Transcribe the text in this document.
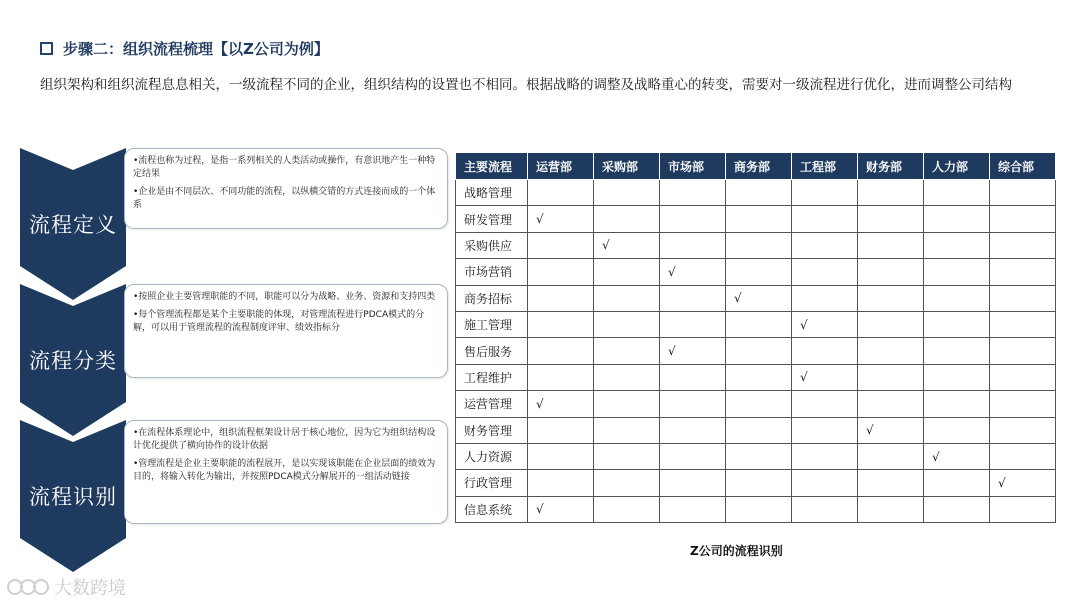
步骤二：组织流程梳理【以Z公司为例】
组织架构和组织流程息息相关，一级流程不同的企业，组织结构的设置也不相同。根据战略的调整及战略重心的转变，需要对一级流程进行优化，进而调整公司结构
流程定义
•流程也称为过程，是指一系列相关的人类活动或操作，有意识地产生一种特定结果
•企业是由不同层次、不同功能的流程，以纵横交错的方式连接而成的一个体系
流程分类
•按照企业主要管理职能的不同，职能可以分为战略、业务、资源和支持四类
•每个管理流程都是某个主要职能的体现，对管理流程进行PDCA模式的分解，可以用于管理流程的流程制度评审、绩效指标分
流程识别
•在流程体系理论中，组织流程框架设计居于核心地位，因为它为组织结构设计优化提供了横向协作的设计依据
•管理流程是企业主要职能的流程展开，是以实现该职能在企业层面的绩效为目的，将输入转化为输出，并按照PDCA模式分解展开的一组活动链接
主要流程	运营部	采购部	市场部	商务部	工程部	财务部	人力部	综合部
战略管理								
研发管理	√							
采购供应		√						
市场营销			√					
商务招标				√				
施工管理					√			
售后服务			√					
工程维护					√			
运营管理	√							
财务管理						√		
人力资源							√	
行政管理								√
信息系统	√							
Z公司的流程识别
大数跨境
